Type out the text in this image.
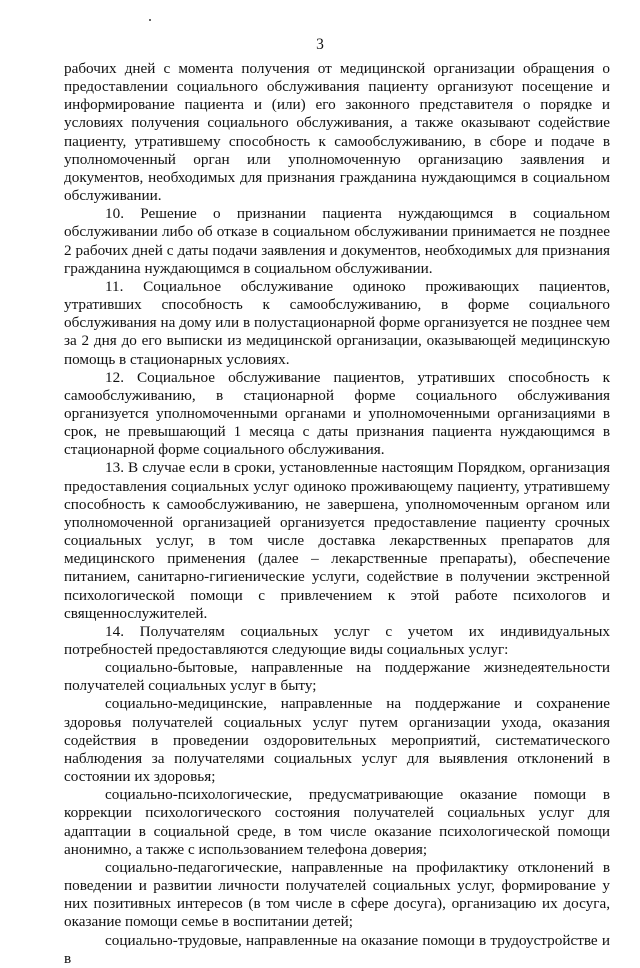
3

рабочих дней с момента получения от медицинской организации обращения о предоставлении социального обслуживания пациенту организуют посещение и информирование пациента и (или) его законного представителя о порядке и условиях получения социального обслуживания, а также оказывают содействие пациенту, утратившему способность к самообслуживанию, в сборе и подаче в уполномоченный орган или уполномоченную организацию заявления и документов, необходимых для признания гражданина нуждающимся в социальном обслуживании.

10. Решение о признании пациента нуждающимся в социальном обслуживании либо об отказе в социальном обслуживании принимается не позднее 2 рабочих дней с даты подачи заявления и документов, необходимых для признания гражданина нуждающимся в социальном обслуживании.

11. Социальное обслуживание одиноко проживающих пациентов, утративших способность к самообслуживанию, в форме социального обслуживания на дому или в полустационарной форме организуется не позднее чем за 2 дня до его выписки из медицинской организации, оказывающей медицинскую помощь в стационарных условиях.

12. Социальное обслуживание пациентов, утративших способность к самообслуживанию, в стационарной форме социального обслуживания организуется уполномоченными органами и уполномоченными организациями в срок, не превышающий 1 месяца с даты признания пациента нуждающимся в стационарной форме социального обслуживания.

13. В случае если в сроки, установленные настоящим Порядком, организация предоставления социальных услуг одиноко проживающему пациенту, утратившему способность к самообслуживанию, не завершена, уполномоченным органом или уполномоченной организацией организуется предоставление пациенту срочных социальных услуг, в том числе доставка лекарственных препаратов для медицинского применения (далее – лекарственные препараты), обеспечение питанием, санитарно-гигиенические услуги, содействие в получении экстренной психологической помощи с привлечением к этой работе психологов и священнослужителей.

14. Получателям социальных услуг с учетом их индивидуальных потребностей предоставляются следующие виды социальных услуг:

социально-бытовые, направленные на поддержание жизнедеятельности получателей социальных услуг в быту;

социально-медицинские, направленные на поддержание и сохранение здоровья получателей социальных услуг путем организации ухода, оказания содействия в проведении оздоровительных мероприятий, систематического наблюдения за получателями социальных услуг для выявления отклонений в состоянии их здоровья;

социально-психологические, предусматривающие оказание помощи в коррекции психологического состояния получателей социальных услуг для адаптации в социальной среде, в том числе оказание психологической помощи анонимно, а также с использованием телефона доверия;

социально-педагогические, направленные на профилактику отклонений в поведении и развитии личности получателей социальных услуг, формирование у них позитивных интересов (в том числе в сфере досуга), организацию их досуга, оказание помощи семье в воспитании детей;

социально-трудовые, направленные на оказание помощи в трудоустройстве и в
